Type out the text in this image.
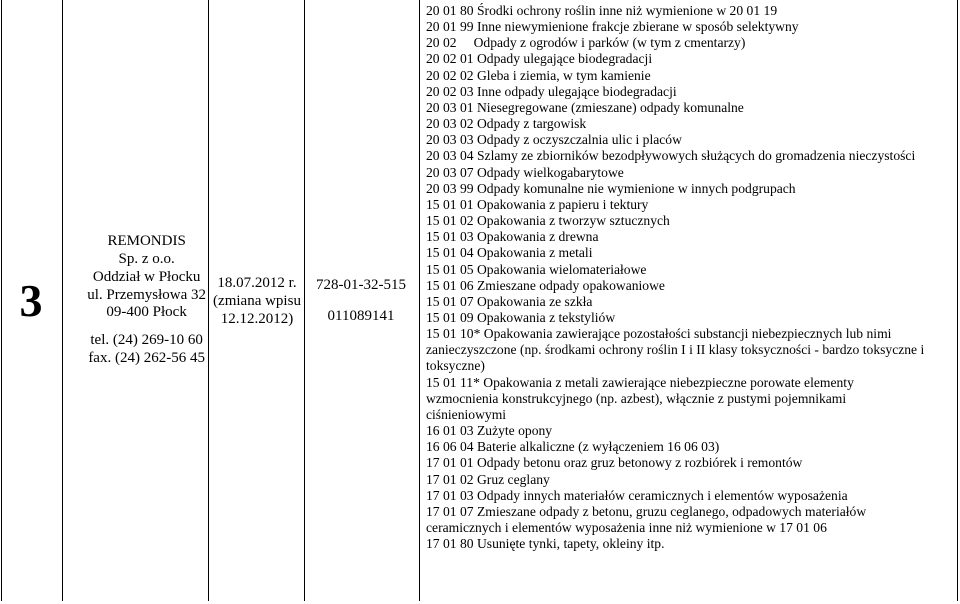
3
REMONDIS
Sp. z o.o.
Oddział w Płocku
ul. Przemysłowa 32
09-400 Płock
tel. (24) 269-10 60
fax. (24) 262-56 45
18.07.2012 r.
(zmiana wpisu
12.12.2012)
728-01-32-515
011089141
20 01 80 Środki ochrony roślin inne niż wymienione w 20 01 19
20 01 99 Inne niewymienione frakcje zbierane w sposób selektywny
20 02     Odpady z ogrodów i parków (w tym z cmentarzy)
20 02 01 Odpady ulegające biodegradacji
20 02 02 Gleba i ziemia, w tym kamienie
20 02 03 Inne odpady ulegające biodegradacji
20 03 01 Niesegregowane (zmieszane) odpady komunalne
20 03 02 Odpady z targowisk
20 03 03 Odpady z oczyszczalnia ulic i placów
20 03 04 Szlamy ze zbiorników bezodpływowych służących do gromadzenia nieczystości
20 03 07 Odpady wielkogabarytowe
20 03 99 Odpady komunalne nie wymienione w innych podgrupach
15 01 01 Opakowania z papieru i tektury
15 01 02 Opakowania z tworzyw sztucznych
15 01 03 Opakowania z drewna
15 01 04 Opakowania z metali
15 01 05 Opakowania wielomateriałowe
15 01 06 Zmieszane odpady opakowaniowe
15 01 07 Opakowania ze szkła
15 01 09 Opakowania z tekstyliów
15 01 10* Opakowania zawierające pozostałości substancji niebezpiecznych lub nimi zanieczyszczone (np. środkami ochrony roślin I i II klasy toksyczności - bardzo toksyczne i toksyczne)
15 01 11* Opakowania z metali zawierające niebezpieczne porowate elementy wzmocnienia konstrukcyjnego (np. azbest), włącznie z pustymi pojemnikami ciśnieniowymi
16 01 03 Zużyte opony
16 06 04 Baterie alkaliczne (z wyłączeniem 16 06 03)
17 01 01 Odpady betonu oraz gruz betonowy z rozbiórek i remontów
17 01 02 Gruz ceglany
17 01 03 Odpady innych materiałów ceramicznych i elementów wyposażenia
17 01 07 Zmieszane odpady z betonu, gruzu ceglanego, odpadowych materiałów ceramicznych i elementów wyposażenia inne niż wymienione w 17 01 06
17 01 80 Usunięte tynki, tapety, okleiny itp.
